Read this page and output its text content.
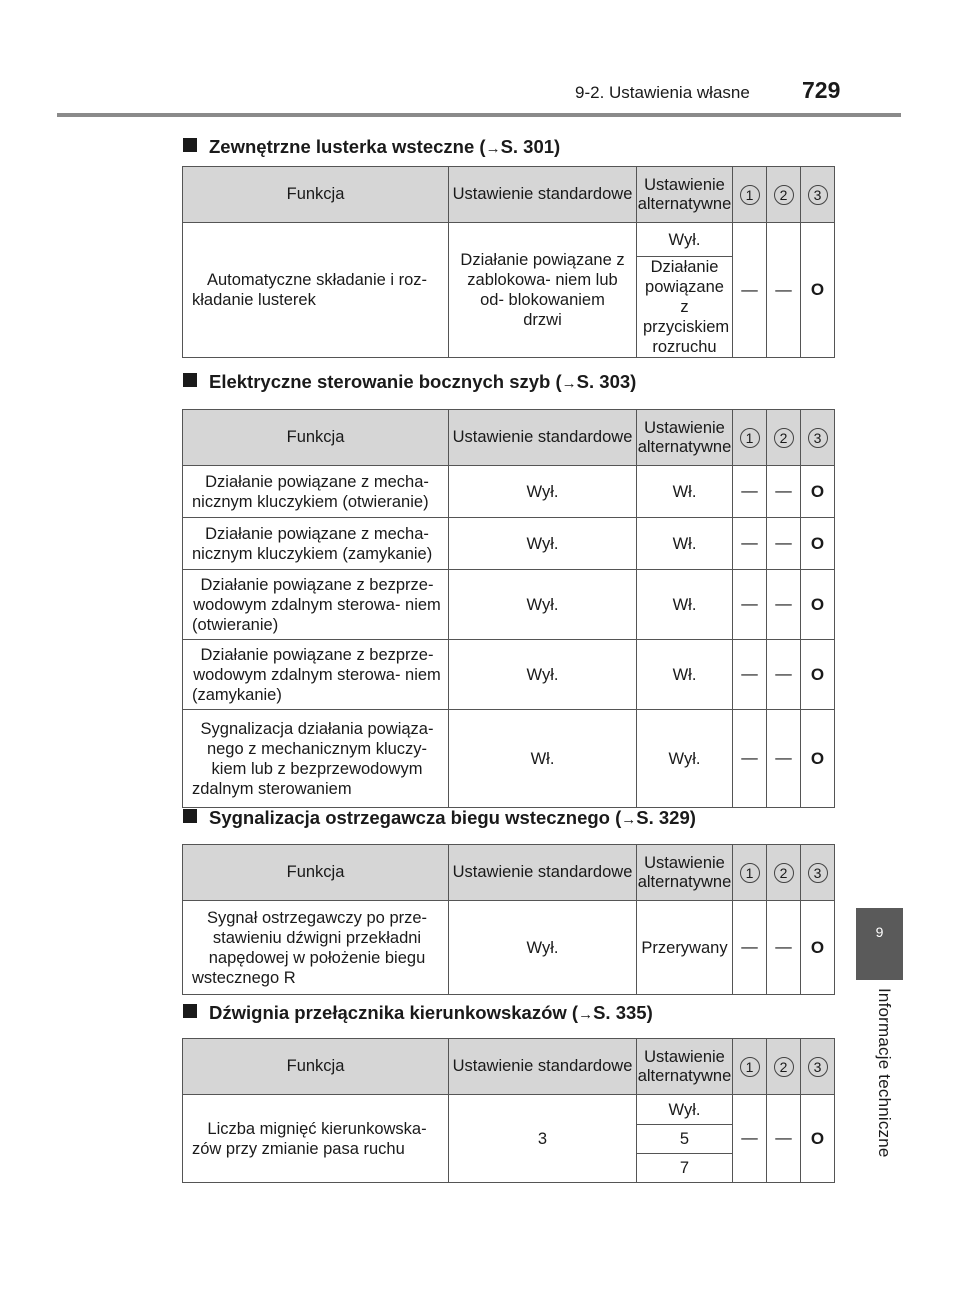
9-2. Ustawienia własne 729
9
Informacje techniczne
Zewnętrzne lusterka wsteczne (→S. 301)
Funkcja	Ustawienie standardowe	Ustawienie alternatywne	1	2	3
Automatyczne składanie i roz- kładanie lusterek	Działanie powiązane z zablokowa- niem lub od- blokowaniem drzwi	Wył.	—	—	O
		Działanie powiązane z przyciskiem rozruchu			
Elektryczne sterowanie bocznych szyb (→S. 303)
Funkcja	Ustawienie standardowe	Ustawienie alternatywne	1	2	3
Działanie powiązane z mecha- nicznym kluczykiem (otwieranie)	Wył.	Wł.	—	—	O
Działanie powiązane z mecha- nicznym kluczykiem (zamykanie)	Wył.	Wł.	—	—	O
Działanie powiązane z bezprze- wodowym zdalnym sterowa- niem (otwieranie)	Wył.	Wł.	—	—	O
Działanie powiązane z bezprze- wodowym zdalnym sterowa- niem (zamykanie)	Wył.	Wł.	—	—	O
Sygnalizacja działania powiąza- nego z mechanicznym kluczy- kiem lub z bezprzewodowym zdalnym sterowaniem	Wł.	Wył.	—	—	O
Sygnalizacja ostrzegawcza biegu wstecznego (→S. 329)
Funkcja	Ustawienie standardowe	Ustawienie alternatywne	1	2	3
Sygnał ostrzegawczy po prze- stawieniu dźwigni przekładni napędowej w położenie biegu wstecznego R	Wył.	Przerywany	—	—	O
Dźwignia przełącznika kierunkowskazów (→S. 335)
Funkcja	Ustawienie standardowe	Ustawienie alternatywne	1	2	3
Liczba mignięć kierunkowska- zów przy zmianie pasa ruchu	3	Wył.	—	—	O
		5			
		7			
